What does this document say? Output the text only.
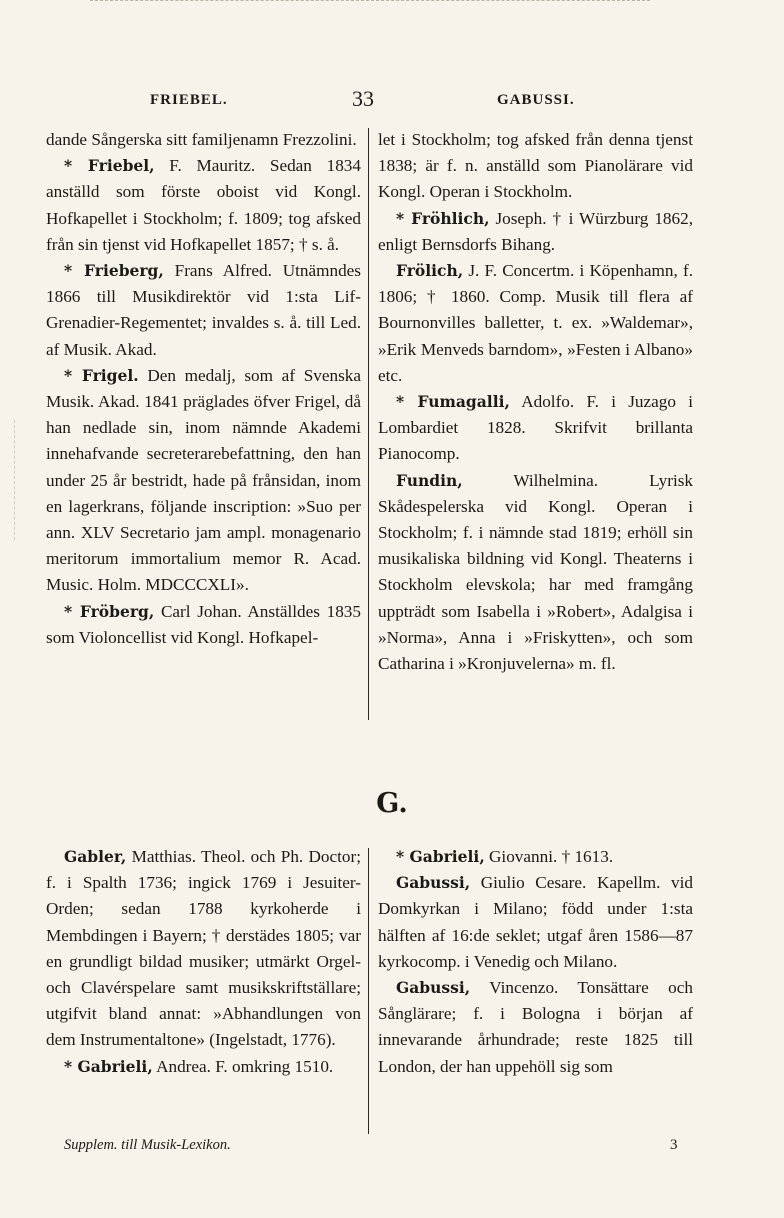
FRIEBEL.	33	GABUSSI.

dande Sångerska sitt familjenamn Frezzolini.

* Friebel, F. Mauritz. Sedan 1834 anställd som förste oboist vid Kongl. Hofkapellet i Stockholm; f. 1809; tog afsked från sin tjenst vid Hofkapellet 1857; † s. å.

* Frieberg, Frans Alfred. Utnämndes 1866 till Musikdirektör vid 1:sta Lif-Grenadier-Regementet; invaldes s. å. till Led. af Musik. Akad.

* Frigel. Den medalj, som af Svenska Musik. Akad. 1841 präglades öfver Frigel, då han nedlade sin, inom nämnde Akademi innehafvande secreterarebefattning, den han under 25 år bestridt, hade på frånsidan, inom en lagerkrans, följande inscription: »Suo per ann. XLV Secretario jam ampl. monagenario meritorum immortalium memor R. Acad. Music. Holm. MDCCCXLI».

* Fröberg, Carl Johan. Anställdes 1835 som Violoncellist vid Kongl. Hofkapel-

let i Stockholm; tog afsked från denna tjenst 1838; är f. n. anställd som Pianolärare vid Kongl. Operan i Stockholm.

* Fröhlich, Joseph. † i Würzburg 1862, enligt Bernsdorfs Bihang.

Frölich, J. F. Concertm. i Köpenhamn, f. 1806; † 1860. Comp. Musik till flera af Bournonvilles balletter, t. ex. »Waldemar», »Erik Menveds barndom», »Festen i Albano» etc.

* Fumagalli, Adolfo. F. i Juzago i Lombardiet 1828. Skrifvit brillanta Pianocomp.

Fundin, Wilhelmina. Lyrisk Skådespelerska vid Kongl. Operan i Stockholm; f. i nämnde stad 1819; erhöll sin musikaliska bildning vid Kongl. Theaterns i Stockholm elevskola; har med framgång uppträdt som Isabella i »Robert», Adalgisa i »Norma», Anna i »Friskytten», och som Catharina i »Kronjuvelerna» m. fl.

G.

Gabler, Matthias. Theol. och Ph. Doctor; f. i Spalth 1736; ingick 1769 i Jesuiter-Orden; sedan 1788 kyrkoherde i Membdingen i Bayern; † derstädes 1805; var en grundligt bildad musiker; utmärkt Orgel- och Clavérspelare samt musikskriftställare; utgifvit bland annat: »Abhandlungen von dem Instrumentaltone» (Ingelstadt, 1776).

* Gabrieli, Andrea. F. omkring 1510.

* Gabrieli, Giovanni. † 1613.

Gabussi, Giulio Cesare. Kapellm. vid Domkyrkan i Milano; född under 1:sta hälften af 16:de seklet; utgaf åren 1586—87 kyrkocomp. i Venedig och Milano.

Gabussi, Vincenzo. Tonsättare och Sånglärare; f. i Bologna i början af innevarande århundrade; reste 1825 till London, der han uppehöll sig som

Supplem. till Musik-Lexikon.	3
